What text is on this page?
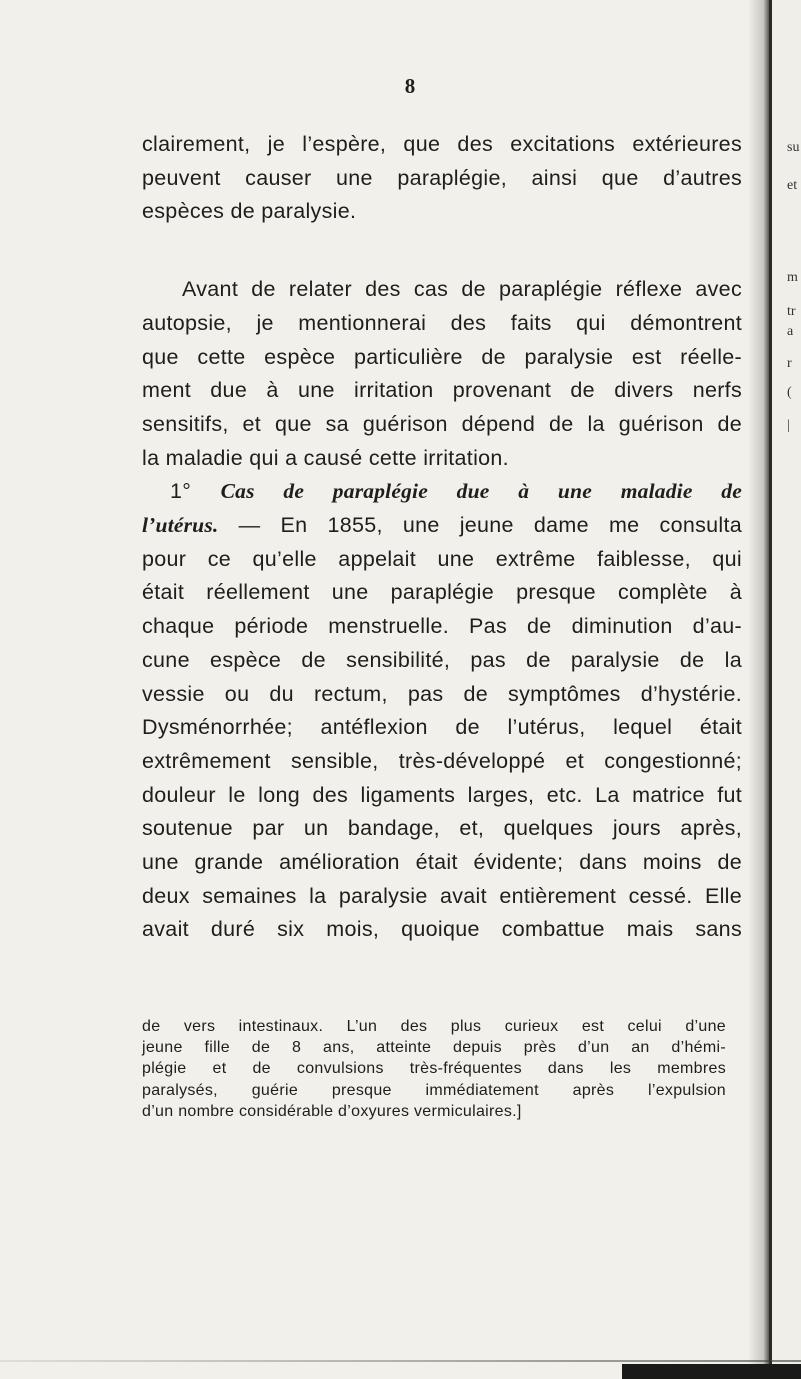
8
clairement, je l’espère, que des excitations extérieures
peuvent causer une paraplégie, ainsi que d’autres
espèces de paralysie.
Avant de relater des cas de paraplégie réflexe avec
autopsie, je mentionnerai des faits qui démontrent
que cette espèce particulière de paralysie est réelle-
ment due à une irritation provenant de divers nerfs
sensitifs, et que sa guérison dépend de la guérison de
la maladie qui a causé cette irritation.
1° Cas de paraplégie due à une maladie de
l’utérus. — En 1855, une jeune dame me consulta
pour ce qu’elle appelait une extrême faiblesse, qui
était réellement une paraplégie presque complète à
chaque période menstruelle. Pas de diminution d’au-
cune espèce de sensibilité, pas de paralysie de la
vessie ou du rectum, pas de symptômes d’hystérie.
Dysménorrhée; antéflexion de l’utérus, lequel était
extrêmement sensible, très-développé et congestionné;
douleur le long des ligaments larges, etc. La matrice fut
soutenue par un bandage, et, quelques jours après,
une grande amélioration était évidente; dans moins de
deux semaines la paralysie avait entièrement cessé. Elle
avait duré six mois, quoique combattue mais sans
de vers intestinaux. L’un des plus curieux est celui d’une
jeune fille de 8 ans, atteinte depuis près d’un an d’hémi-
plégie et de convulsions très-fréquentes dans les membres
paralysés, guérie presque immédiatement après l’expulsion
d’un nombre considérable d’oxyures vermiculaires.]
su
et
m
tr
a
r
(
|
